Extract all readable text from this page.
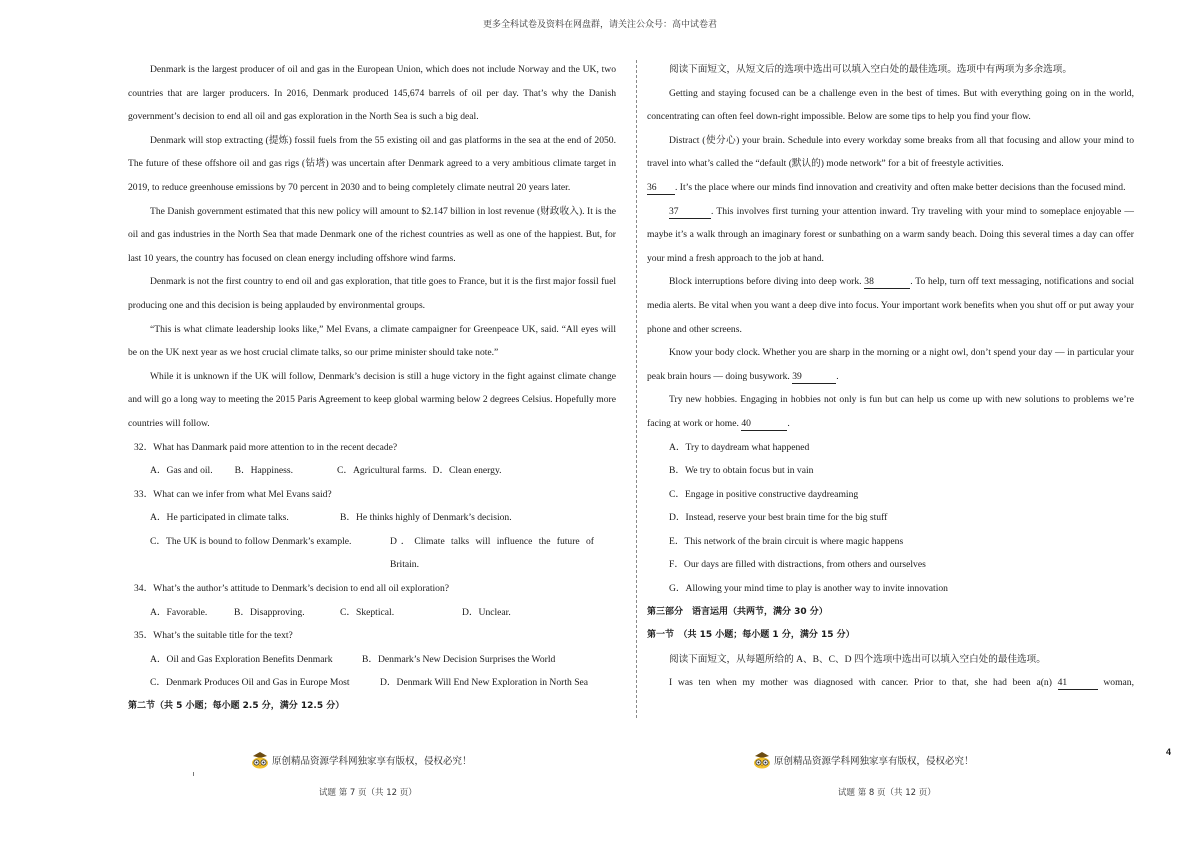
更多全科试卷及资料在网盘群，请关注公众号：高中试卷君

Denmark is the largest producer of oil and gas in the European Union, which does not include Norway and the UK, two countries that are larger producers. In 2016, Denmark produced 145,674 barrels of oil per day. That’s why the Danish government’s decision to end all oil and gas exploration in the North Sea is such a big deal.

Denmark will stop extracting (提炼) fossil fuels from the 55 existing oil and gas platforms in the sea at the end of 2050. The future of these offshore oil and gas rigs (钻塔) was uncertain after Denmark agreed to a very ambitious climate target in 2019, to reduce greenhouse emissions by 70 percent in 2030 and to being completely climate neutral 20 years later.

The Danish government estimated that this new policy will amount to $2.147 billion in lost revenue (财政收入). It is the oil and gas industries in the North Sea that made Denmark one of the richest countries as well as one of the happiest. But, for last 10 years, the country has focused on clean energy including offshore wind farms.

Denmark is not the first country to end oil and gas exploration, that title goes to France, but it is the first major fossil fuel producing one and this decision is being applauded by environmental groups.

“This is what climate leadership looks like,” Mel Evans, a climate campaigner for Greenpeace UK, said. “All eyes will be on the UK next year as we host crucial climate talks, so our prime minister should take note.”

While it is unknown if the UK will follow, Denmark’s decision is still a huge victory in the fight against climate change and will go a long way to meeting the 2015 Paris Agreement to keep global warming below 2 degrees Celsius. Hopefully more countries will follow.

32．What has Danmark paid more attention to in the recent decade?

A．Gas and oil. B．Happiness.	C．Agricultural farms. D．Clean energy.

33．What can we infer from what Mel Evans said?

A．He participated in climate talks.	B．He thinks highly of Denmark’s decision.

C．The UK is bound to follow Denmark’s example.	D．Climate talks will influence the future of Britain.

34．What’s the author’s attitude to Denmark’s decision to end all oil exploration?

A．Favorable.	B．Disapproving.	C．Skeptical.	D．Unclear.

35．What’s the suitable title for the text?

A．Oil and Gas Exploration Benefits Denmark	B．Denmark’s New Decision Surprises the World

C．Denmark Produces Oil and Gas in Europe Most	D．Denmark Will End New Exploration in North Sea

第二节（共 5 小题；每小题 2.5 分，满分 12.5 分）

阅读下面短文，从短文后的选项中选出可以填入空白处的最佳选项。选项中有两项为多余选项。

Getting and staying focused can be a challenge even in the best of times. But with everything going on in the world, concentrating can often feel down-right impossible. Below are some tips to help you find your flow.

Distract (使分心) your brain. Schedule into every workday some breaks from all that focusing and allow your mind to travel into what’s called the “default (默认的) mode network” for a bit of freestyle activities.
36 . It’s the place where our minds find innovation and creativity and often make better decisions than the focused mind.

37	. This involves first turning your attention inward. Try traveling with your mind to someplace enjoyable — maybe it’s a walk through an imaginary forest or sunbathing on a warm sandy beach. Doing this several times a day can offer your mind a fresh approach to the job at hand.

Block interruptions before diving into deep work. 38	. To help, turn off text messaging, notifications and social media alerts. Be vital when you want a deep dive into focus. Your important work benefits when you shut off or put away your phone and other screens.

Know your body clock. Whether you are sharp in the morning or a night owl, don’t spend your day — in particular your peak brain hours — doing busywork. 39	.

Try new hobbies. Engaging in hobbies not only is fun but can help us come up with new solutions to problems we’re facing at work or home. 40	.

A．Try to daydream what happened

B．We try to obtain focus but in vain

C．Engage in positive constructive daydreaming

D．Instead, reserve your best brain time for the big stuff

E．This network of the brain circuit is where magic happens

F．Our days are filled with distractions, from others and ourselves

G．Allowing your mind time to play is another way to invite innovation

第三部分　语言运用（共两节，满分 30 分）

第一节　（共 15 小题；每小题 1 分，满分 15 分）

阅读下面短文，从每题所给的 A、B、C、D 四个选项中选出可以填入空白处的最佳选项。

I was ten when my mother was diagnosed with cancer. Prior to that, she had been a(n) 41	woman,

原创精品资源学科网独家享有版权，侵权必究！	原创精品资源学科网独家享有版权，侵权必究！
4
试题 第 7 页（共 12 页）	试题 第 8 页（共 12 页）
